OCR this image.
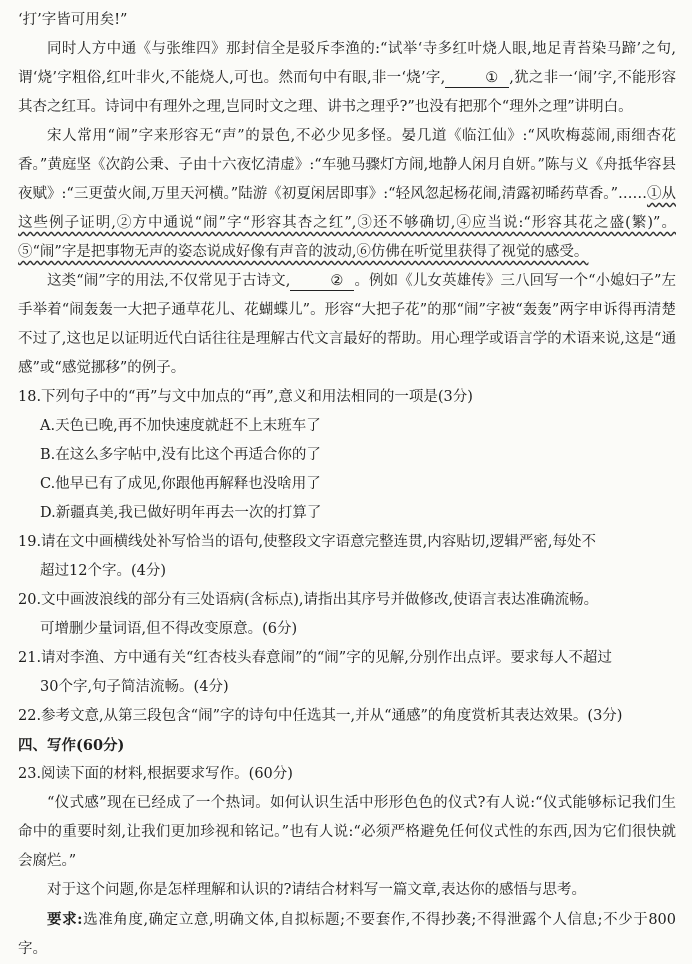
‘打’字皆可用矣!”

同时人方中通《与张维四》那封信全是驳斥李渔的:“试举‘寺多红叶烧人眼,地足青苔染马蹄’之句,谓‘烧’字粗俗,红叶非火,不能烧人,可也。然而句中有眼,非一‘烧’字,	① ,犹之非一‘闹’字,不能形容其杏之红耳。诗词中有理外之理,岂同时文之理、讲书之理乎?”也没有把那个“理外之理”讲明白。

宋人常用“闹”字来形容无“声”的景色,不必少见多怪。晏几道《临江仙》:“风吹梅蕊闹,雨细杏花香。”黄庭坚《次韵公秉、子由十六夜忆清虚》:“车驰马骤灯方闹,地静人闲月自妍。”陈与义《舟抵华容县夜赋》:“三更萤火闹,万里天河横。”陆游《初夏闲居即事》:“轻风忽起杨花闹,清露初晞药草香。”……①从这些例子证明,②方中通说“闹”字“形容其杏之红”,③还不够确切,④应当说:“形容其花之盛(繁)”。⑤“闹”字是把事物无声的姿态说成好像有声音的波动,⑥仿佛在听觉里获得了视觉的感受。

这类“闹”字的用法,不仅常见于古诗文,	② 。例如《儿女英雄传》三八回写一个“小媳妇子”左手举着“闹轰轰一大把子通草花儿、花蝴蝶儿”。形容“大把子花”的那“闹”字被“轰轰”两字申诉得再清楚不过了,这也足以证明近代白话往往是理解古代文言最好的帮助。用心理学或语言学的术语来说,这是“通感”或“感觉挪移”的例子。

18.下列句子中的“再”与文中加点的“再”,意义和用法相同的一项是(3分)

A.天色已晚,再不加快速度就赶不上末班车了

B.在这么多字帖中,没有比这个再适合你的了

C.他早已有了成见,你跟他再解释也没啥用了

D.新疆真美,我已做好明年再去一次的打算了

19.请在文中画横线处补写恰当的语句,使整段文字语意完整连贯,内容贴切,逻辑严密,每处不

超过12个字。(4分)

20.文中画波浪线的部分有三处语病(含标点),请指出其序号并做修改,使语言表达准确流畅。

可增删少量词语,但不得改变原意。(6分)

21.请对李渔、方中通有关“红杏枝头春意闹”的“闹”字的见解,分别作出点评。要求每人不超过

30个字,句子简洁流畅。(4分)

22.参考文意,从第三段包含“闹”字的诗句中任选其一,并从“通感”的角度赏析其表达效果。(3分)

四、写作(60分)

23.阅读下面的材料,根据要求写作。(60分)

“仪式感”现在已经成了一个热词。如何认识生活中形形色色的仪式?有人说:“仪式能够标记我们生命中的重要时刻,让我们更加珍视和铭记。”也有人说:“必须严格避免任何仪式性的东西,因为它们很快就会腐烂。”

对于这个问题,你是怎样理解和认识的?请结合材料写一篇文章,表达你的感悟与思考。

要求:选准角度,确定立意,明确文体,自拟标题;不要套作,不得抄袭;不得泄露个人信息;不少于800字。
